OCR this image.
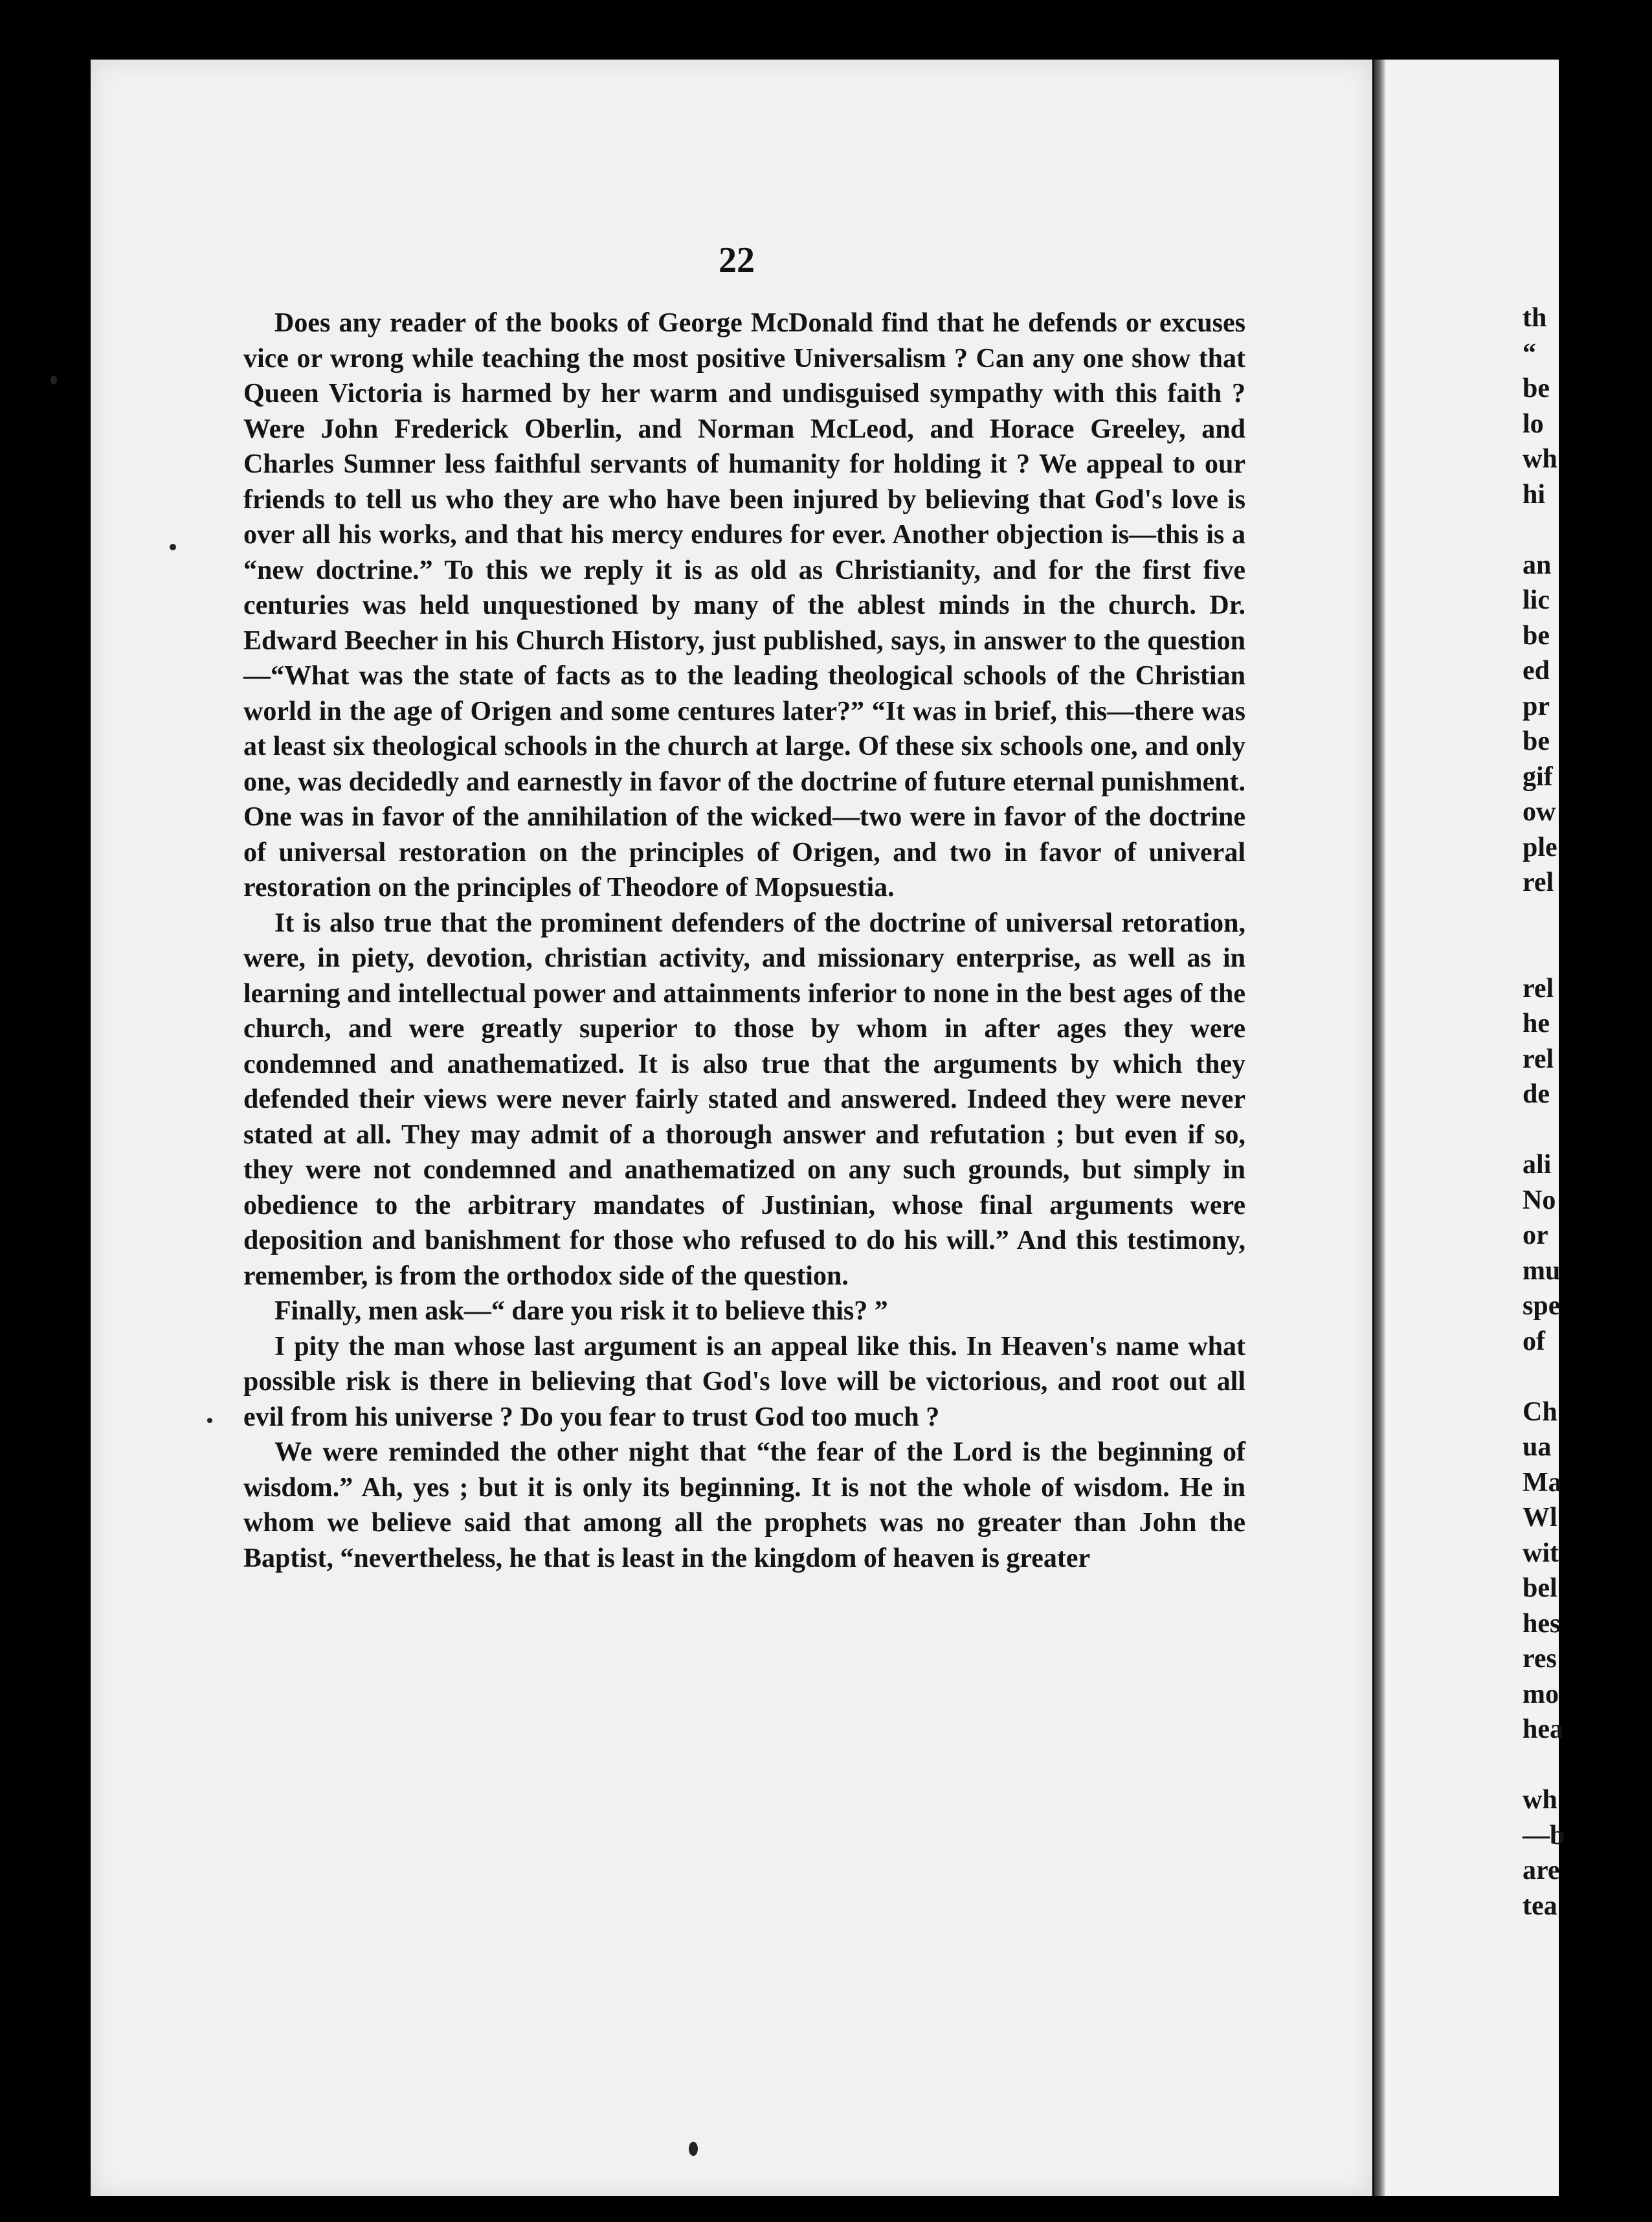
22

Does any reader of the books of George McDonald find that he defends or excuses vice or wrong while teaching the most positive Universalism ? Can any one show that Queen Victoria is harmed by her warm and undisguised sympathy with this faith ? Were John Frederick Oberlin, and Norman McLeod, and Horace Greeley, and Charles Sumner less faithful servants of humanity for holding it ? We appeal to our friends to tell us who they are who have been injured by believing that God's love is over all his works, and that his mercy endures for ever. Another objection is—this is a “new doctrine.” To this we reply it is as old as Christianity, and for the first five centuries was held unquestioned by many of the ablest minds in the church. Dr. Edward Beecher in his Church History, just published, says, in answer to the question—“What was the state of facts as to the leading theological schools of the Christian world in the age of Origen and some centures later?” “It was in brief, this—there was at least six theological schools in the church at large. Of these six schools one, and only one, was decidedly and earnestly in favor of the doctrine of future eternal punishment. One was in favor of the annihilation of the wicked—two were in favor of the doctrine of universal restoration on the principles of Origen, and two in favor of univeral restoration on the principles of Theodore of Mopsuestia.

It is also true that the prominent defenders of the doctrine of universal retoration, were, in piety, devotion, christian activity, and missionary enterprise, as well as in learning and intellectual power and attainments inferior to none in the best ages of the church, and were greatly superior to those by whom in after ages they were condemned and anathematized. It is also true that the arguments by which they defended their views were never fairly stated and answered. Indeed they were never stated at all. They may admit of a thorough answer and refutation ; but even if so, they were not condemned and anathematized on any such grounds, but simply in obedience to the arbitrary mandates of Justinian, whose final arguments were deposition and banishment for those who refused to do his will.” And this testimony, remember, is from the orthodox side of the question.

Finally, men ask—“ dare you risk it to believe this? ”

I pity the man whose last argument is an appeal like this. In Heaven's name what possible risk is there in believing that God's love will be victorious, and root out all evil from his universe ? Do you fear to trust God too much ?

We were reminded the other night that “the fear of the Lord is the beginning of wisdom.” Ah, yes ; but it is only its beginning. It is not the whole of wisdom. He in whom we believe said that among all the prophets was no greater than John the Baptist, “nevertheless, he that is least in the kingdom of heaven is greater

th
“
be
lo
wh
hi
an
lic
be
ed
pr
be
gif
ow
ple
rel
rel
he
rel
de
ali
No
or
mu
spe
of
Ch
ua
Ma
Wl
wit
bel
hes
res
mo
hea
wh
—b
are
tea
